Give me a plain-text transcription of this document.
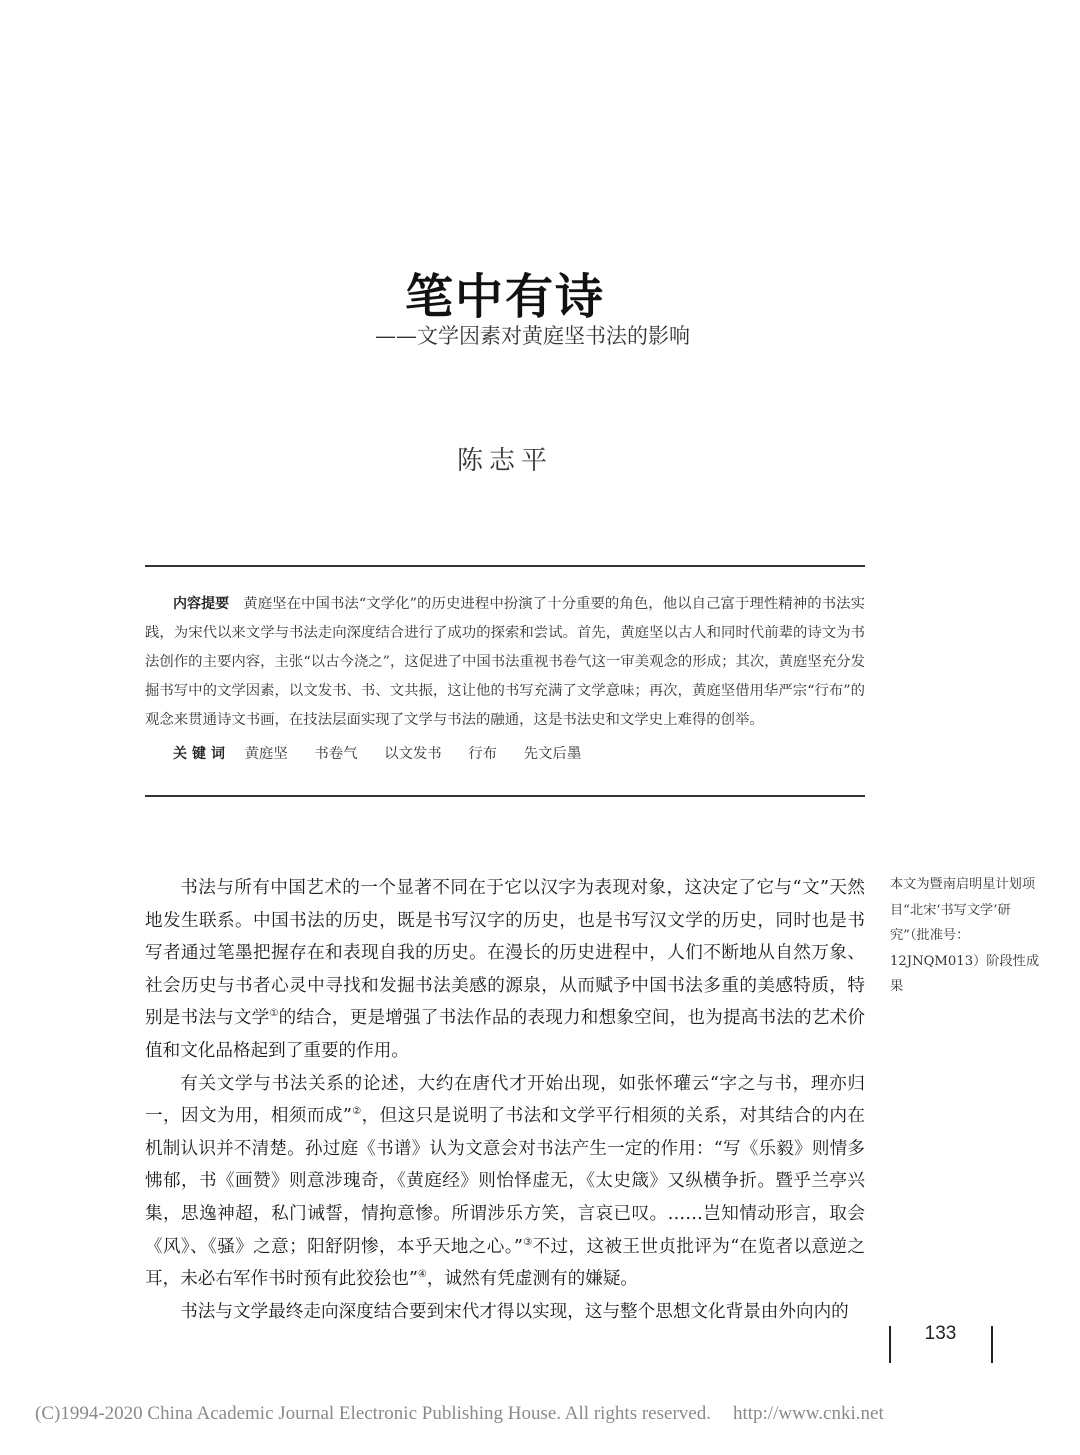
笔中有诗
——文学因素对黄庭坚书法的影响
陈志平
内容提要 黄庭坚在中国书法“文学化”的历史进程中扮演了十分重要的角色，他以自己富于理性精神的书法实践，为宋代以来文学与书法走向深度结合进行了成功的探索和尝试。首先，黄庭坚以古人和同时代前辈的诗文为书法创作的主要内容，主张“以古今浇之”，这促进了中国书法重视书卷气这一审美观念的形成；其次，黄庭坚充分发掘书写中的文学因素，以文发书、书、文共振，这让他的书写充满了文学意味；再次，黄庭坚借用华严宗“行布”的观念来贯通诗文书画，在技法层面实现了文学与书法的融通，这是书法史和文学史上难得的创举。
关键词 黄庭坚 书卷气 以文发书 行布 先文后墨

书法与所有中国艺术的一个显著不同在于它以汉字为表现对象，这决定了它与“文”天然地发生联系。中国书法的历史，既是书写汉字的历史，也是书写汉文学的历史，同时也是书写者通过笔墨把握存在和表现自我的历史。在漫长的历史进程中，人们不断地从自然万象、社会历史与书者心灵中寻找和发掘书法美感的源泉，从而赋予中国书法多重的美感特质，特别是书法与文学①的结合，更是增强了书法作品的表现力和想象空间，也为提高书法的艺术价值和文化品格起到了重要的作用。

有关文学与书法关系的论述，大约在唐代才开始出现，如张怀瓘云“字之与书，理亦归一，因文为用，相须而成”②，但这只是说明了书法和文学平行相须的关系，对其结合的内在机制认识并不清楚。孙过庭《书谱》认为文意会对书法产生一定的作用：“写《乐毅》则情多怫郁，书《画赞》则意涉瑰奇，《黄庭经》则怡怿虚无，《太史箴》又纵横争折。暨乎兰亭兴集，思逸神超，私门诫誓，情拘意惨。所谓涉乐方笑，言哀已叹。……岂知情动形言，取会《风》、《骚》之意；阳舒阴惨，本乎天地之心。”③不过，这被王世贞批评为“在览者以意逆之耳，未必右军作书时预有此狡狯也”④，诚然有凭虚测有的嫌疑。

书法与文学最终走向深度结合要到宋代才得以实现，这与整个思想文化背景由外向内的

本文为暨南启明星计划项目“北宋‘书写文学’研究”（批准号：12JNQM013）阶段性成果
133
(C)1994-2020 China Academic Journal Electronic Publishing House. All rights reserved. http://www.cnki.net
